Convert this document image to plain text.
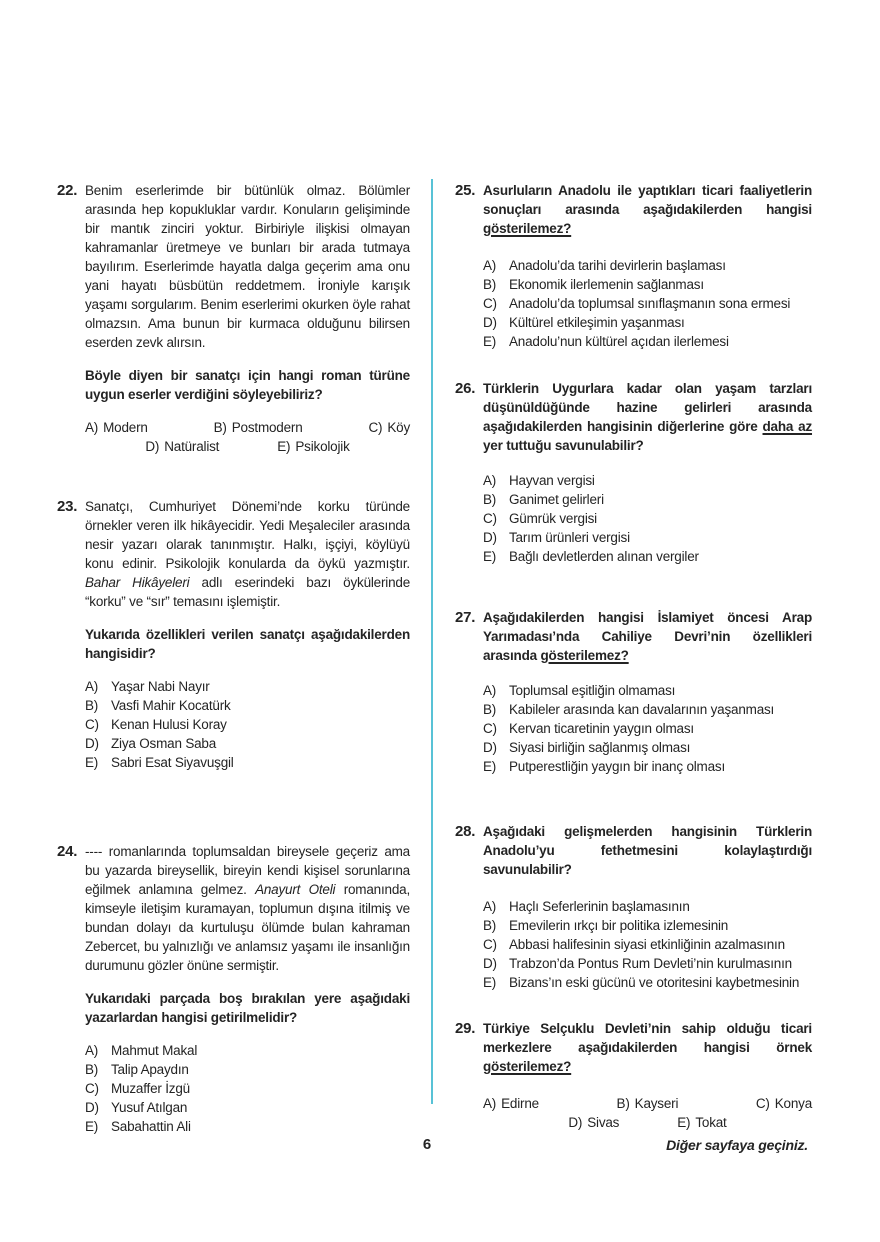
22. Benim eserlerimde bir bütünlük olmaz. Bölümler arasında hep kopukluklar vardır. Konuların gelişiminde bir mantık zinciri yoktur. Birbiriyle ilişkisi olmayan kahramanlar üretmeye ve bunları bir arada tutmaya bayılırım. Eserlerimde hayatla dalga geçerim ama onu yani hayatı büsbütün reddetmem. İroniyle karışık yaşamı sorgularım. Benim eserlerimi okurken öyle rahat olmazsın. Ama bunun bir kurmaca olduğunu bilirsen eserden zevk alırsın.

Böyle diyen bir sanatçı için hangi roman türüne uygun eserler verdiğini söyleyebiliriz?

A) Modern	B) Postmodern	C) Köy
D) Natüralist	E) Psikolojik
23. Sanatçı, Cumhuriyet Dönemi’nde korku türünde örnekler veren ilk hikâyecidir. Yedi Meşaleciler arasında nesir yazarı olarak tanınmıştır. Halkı, işçiyi, köylüyü konu edinir. Psikolojik konularda da öykü yazmıştır. Bahar Hikâyeleri adlı eserindeki bazı öykülerinde “korku” ve “sır” temasını işlemiştir.

Yukarıda özellikleri verilen sanatçı aşağıdakilerden hangisidir?

A) Yaşar Nabi Nayır
B) Vasfi Mahir Kocatürk
C) Kenan Hulusi Koray
D) Ziya Osman Saba
E) Sabri Esat Siyavuşgil
24. ---- romanlarında toplumsaldan bireysele geçeriz ama bu yazarda bireysellik, bireyin kendi kişisel sorunlarına eğilmek anlamına gelmez. Anayurt Oteli romanında, kimseyle iletişim kuramayan, toplumun dışına itilmiş ve bundan dolayı da kurtuluşu ölümde bulan kahraman Zebercet, bu yalnızlığı ve anlamsız yaşamı ile insanlığın durumunu gözler önüne sermiştir.

Yukarıdaki parçada boş bırakılan yere aşağıdaki yazarlardan hangisi getirilmelidir?

A) Mahmut Makal
B) Talip Apaydın
C) Muzaffer İzgü
D) Yusuf Atılgan
E) Sabahattin Ali
25. Asurluların Anadolu ile yaptıkları ticari faaliyetlerin sonuçları arasında aşağıdakilerden hangisi gösterilemez?

A) Anadolu’da tarihi devirlerin başlaması
B) Ekonomik ilerlemenin sağlanması
C) Anadolu’da toplumsal sınıflaşmanın sona ermesi
D) Kültürel etkileşimin yaşanması
E) Anadolu’nun kültürel açıdan ilerlemesi
26. Türklerin Uygurlara kadar olan yaşam tarzları düşünüldüğünde hazine gelirleri arasında aşağıdakilerden hangisinin diğerlerine göre daha az yer tuttuğu savunulabilir?

A) Hayvan vergisi
B) Ganimet gelirleri
C) Gümrük vergisi
D) Tarım ürünleri vergisi
E) Bağlı devletlerden alınan vergiler
27. Aşağıdakilerden hangisi İslamiyet öncesi Arap Yarımadası’nda Cahiliye Devri’nin özellikleri arasında gösterilemez?

A) Toplumsal eşitliğin olmaması
B) Kabileler arasında kan davalarının yaşanması
C) Kervan ticaretinin yaygın olması
D) Siyasi birliğin sağlanmış olması
E) Putperestliğin yaygın bir inanç olması
28. Aşağıdaki gelişmelerden hangisinin Türklerin Anadolu’yu fethetmesini kolaylaştırdığı savunulabilir?

A) Haçlı Seferlerinin başlamasının
B) Emevilerin ırkçı bir politika izlemesinin
C) Abbasi halifesinin siyasi etkinliğinin azalmasının
D) Trabzon’da Pontus Rum Devleti’nin kurulmasının
E) Bizans’ın eski gücünü ve otoritesini kaybetmesinin
29. Türkiye Selçuklu Devleti’nin sahip olduğu ticari merkezlere aşağıdakilerden hangisi örnek gösterilemez?

A) Edirne	B) Kayseri	C) Konya
D) Sivas	E) Tokat
6	Diğer sayfaya geçiniz.
